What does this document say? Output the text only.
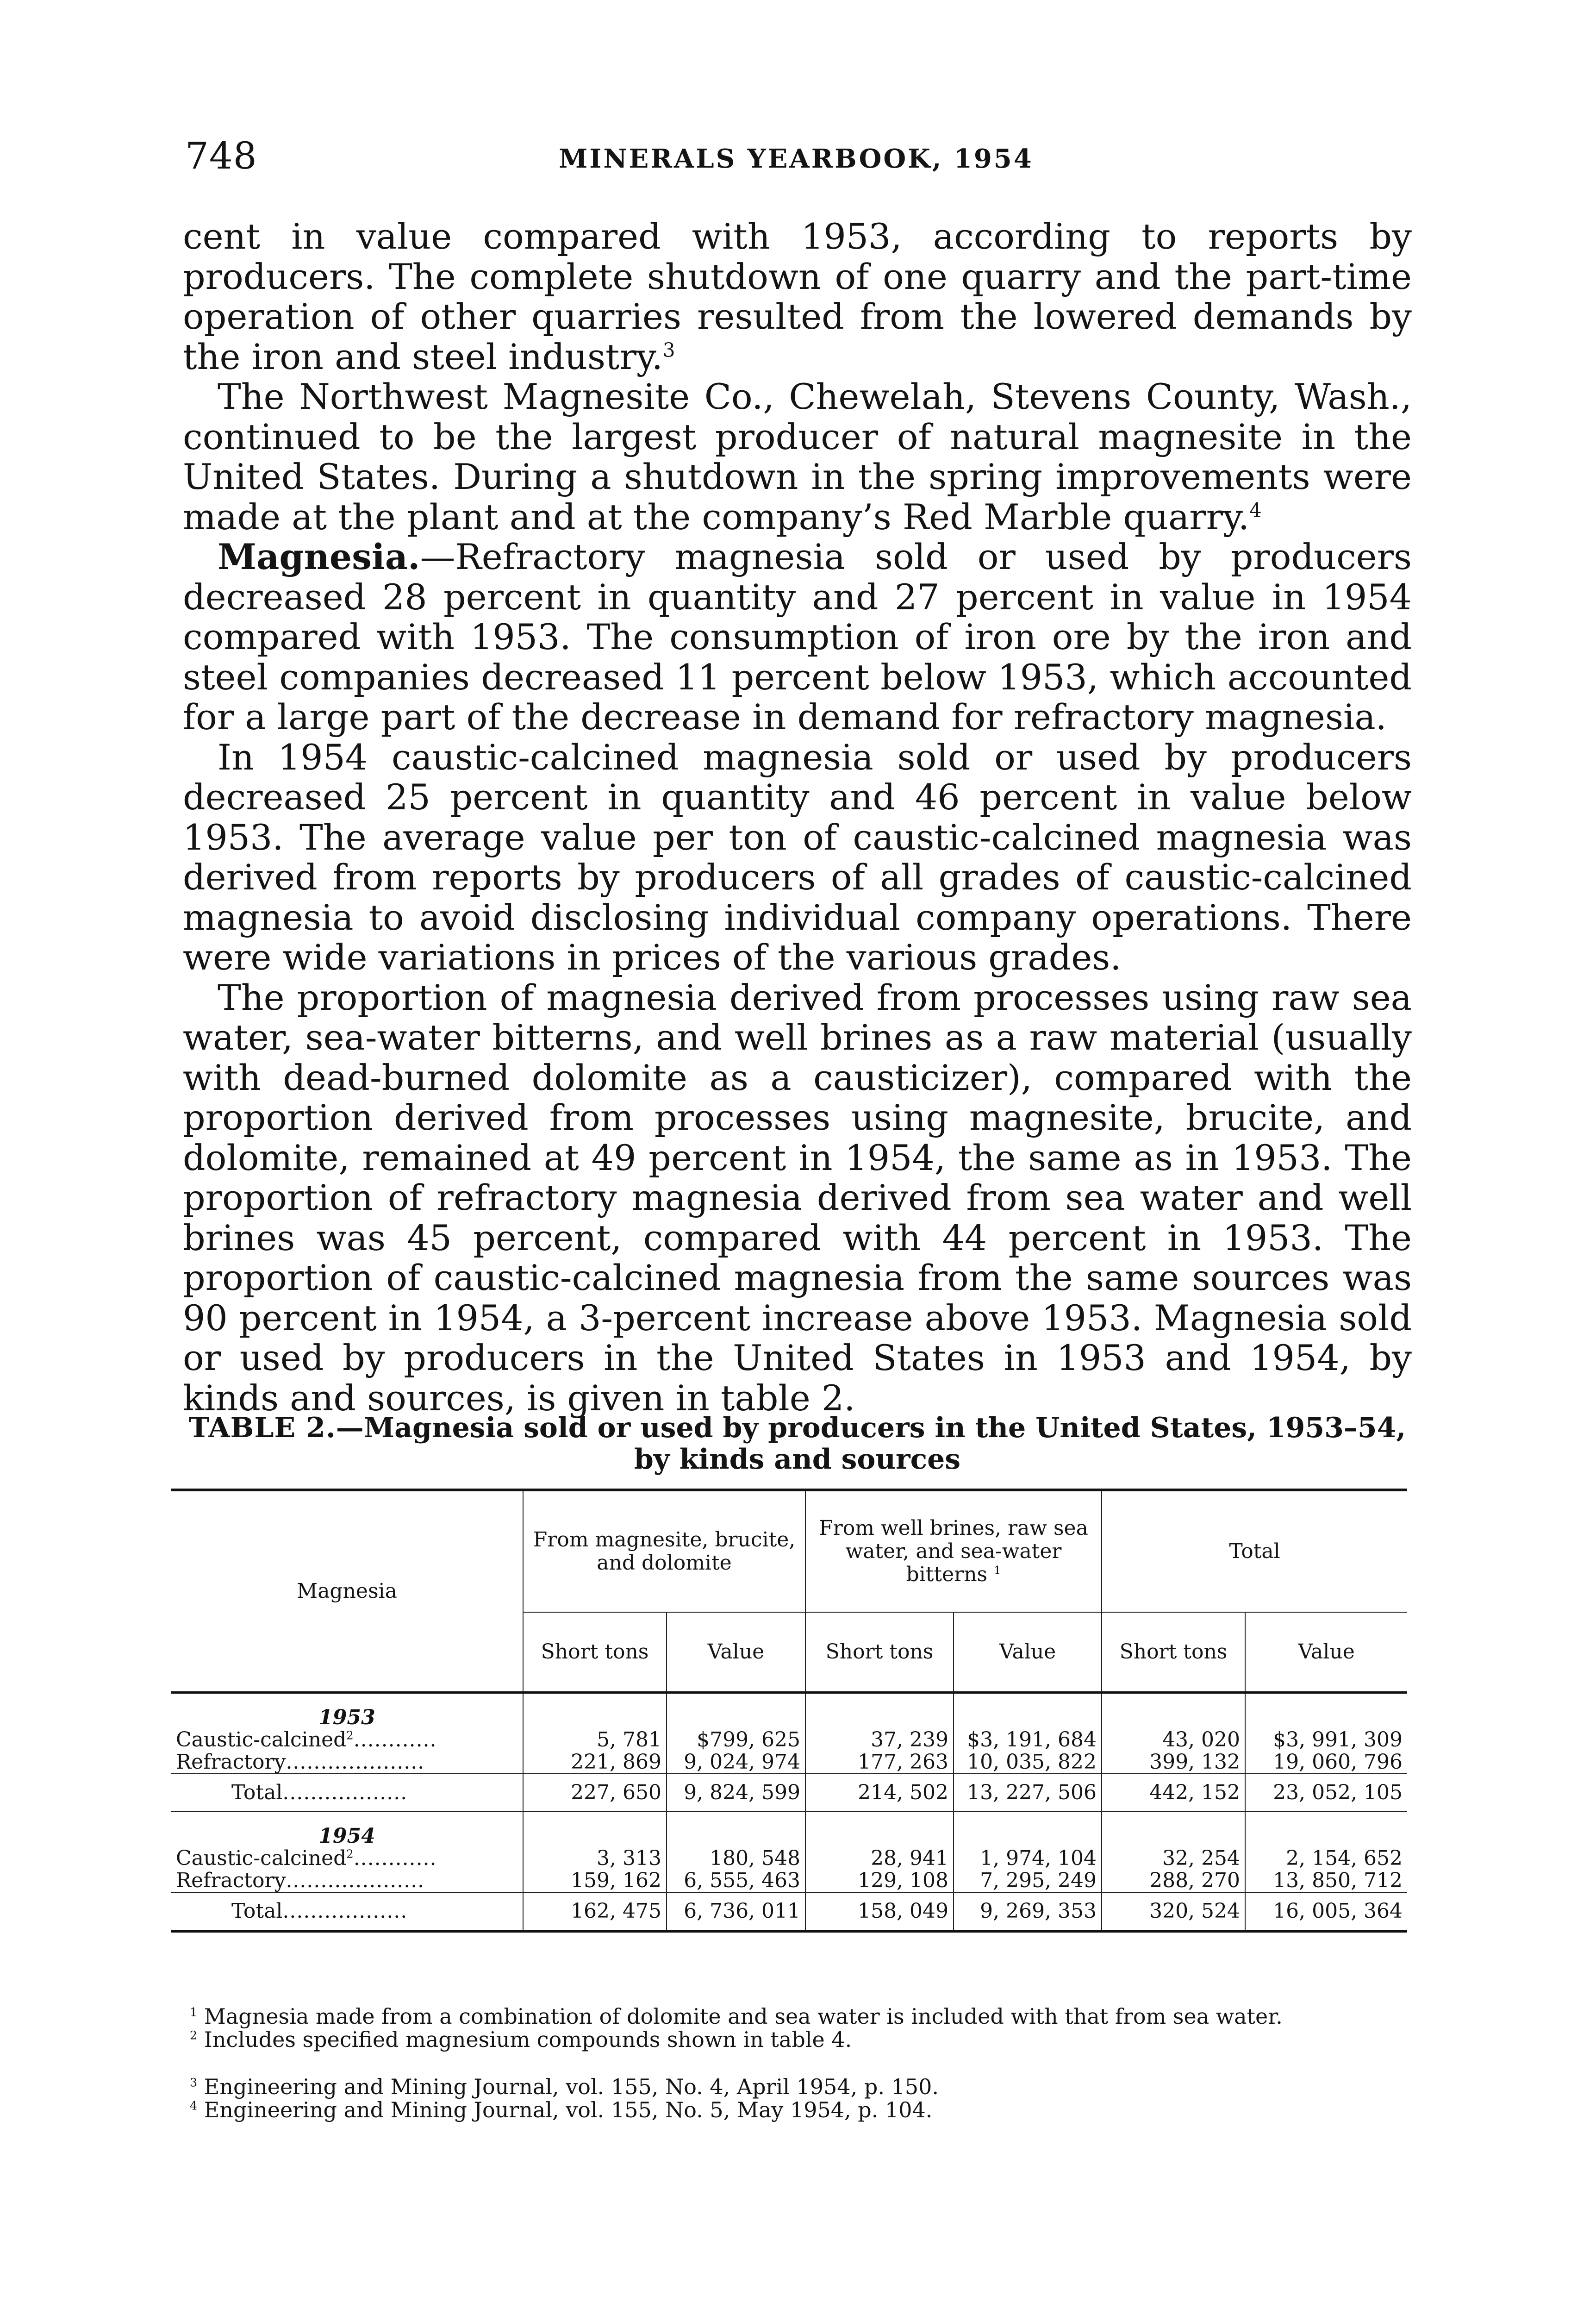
748	MINERALS YEARBOOK, 1954

cent in value compared with 1953, according to reports by producers. The complete shutdown of one quarry and the part-time operation of other quarries resulted from the lowered demands by the iron and steel industry.$^3$

The Northwest Magnesite Co., Chewelah, Stevens County, Wash., continued to be the largest producer of natural magnesite in the United States. During a shutdown in the spring improvements were made at the plant and at the company’s Red Marble quarry.$^4$

Magnesia.—Refractory magnesia sold or used by producers decreased 28 percent in quantity and 27 percent in value in 1954 compared with 1953. The consumption of iron ore by the iron and steel companies decreased 11 percent below 1953, which accounted for a large part of the decrease in demand for refractory magnesia.

In 1954 caustic-calcined magnesia sold or used by producers decreased 25 percent in quantity and 46 percent in value below 1953. The average value per ton of caustic-calcined magnesia was derived from reports by producers of all grades of caustic-calcined magnesia to avoid disclosing individual company operations. There were wide variations in prices of the various grades.

The proportion of magnesia derived from processes using raw sea water, sea-water bitterns, and well brines as a raw material (usually with dead-burned dolomite as a causticizer), compared with the proportion derived from processes using magnesite, brucite, and dolomite, remained at 49 percent in 1954, the same as in 1953. The proportion of refractory magnesia derived from sea water and well brines was 45 percent, compared with 44 percent in 1953. The proportion of caustic-calcined magnesia from the same sources was 90 percent in 1954, a 3-percent increase above 1953. Magnesia sold or used by producers in the United States in 1953 and 1954, by kinds and sources, is given in table 2.

TABLE 2.—Magnesia sold or used by producers in the United States, 1953–54, by kinds and sources
Magnesia	From magnesite, brucite, and dolomite		From well brines, raw sea water, and sea-water bitterns $^1$		Total	
	Short tons	Value	Short tons	Value	Short tons	Value
1953						
Caustic-calcined$^2$............	5, 781	$799, 625	37, 239	$3, 191, 684	43, 020	$3, 991, 309
Refractory....................	221, 869	9, 024, 974	177, 263	10, 035, 822	399, 132	19, 060, 796
Total..................	227, 650	9, 824, 599	214, 502	13, 227, 506	442, 152	23, 052, 105
1954						
Caustic-calcined$^2$............	3, 313	180, 548	28, 941	1, 974, 104	32, 254	2, 154, 652
Refractory....................	159, 162	6, 555, 463	129, 108	7, 295, 249	288, 270	13, 850, 712
Total..................	162, 475	6, 736, 011	158, 049	9, 269, 353	320, 524	16, 005, 364

$^1$ Magnesia made from a combination of dolomite and sea water is included with that from sea water.

$^2$ Includes specified magnesium compounds shown in table 4.

$^3$ Engineering and Mining Journal, vol. 155, No. 4, April 1954, p. 150.

$^4$ Engineering and Mining Journal, vol. 155, No. 5, May 1954, p. 104.
